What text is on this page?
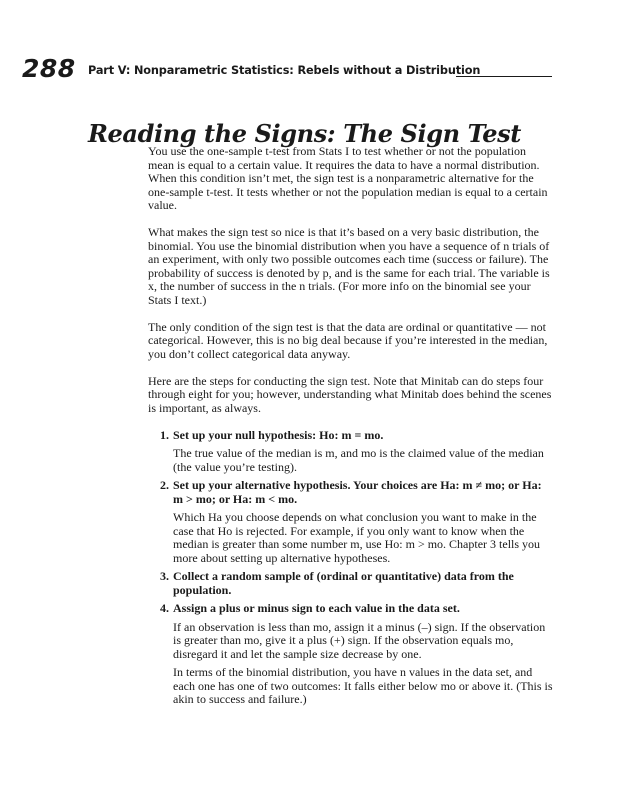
288 Part V: Nonparametric Statistics: Rebels without a Distribution
Reading the Signs: The Sign Test

You use the one-sample t-test from Stats I to test whether or not the population mean is equal to a certain value. It requires the data to have a normal distribution. When this condition isn’t met, the sign test is a nonparametric alternative for the one-sample t-test. It tests whether or not the population median is equal to a certain value.

What makes the sign test so nice is that it’s based on a very basic distribution, the binomial. You use the binomial distribution when you have a sequence of n trials of an experiment, with only two possible outcomes each time (success or failure). The probability of success is denoted by p, and is the same for each trial. The variable is x, the number of success in the n trials. (For more info on the binomial see your Stats I text.)

The only condition of the sign test is that the data are ordinal or quantitative — not categorical. However, this is no big deal because if you’re interested in the median, you don’t collect categorical data anyway.

Here are the steps for conducting the sign test. Note that Minitab can do steps four through eight for you; however, understanding what Minitab does behind the scenes is important, as always.

1. Set up your null hypothesis: Ho: m = mo.
The true value of the median is m, and mo is the claimed value of the median (the value you’re testing).
2. Set up your alternative hypothesis. Your choices are Ha: m ≠ mo; or Ha: m > mo; or Ha: m < mo.
Which Ha you choose depends on what conclusion you want to make in the case that Ho is rejected. For example, if you only want to know when the median is greater than some number m, use Ho: m > mo. Chapter 3 tells you more about setting up alternative hypotheses.
3. Collect a random sample of (ordinal or quantitative) data from the population.
4. Assign a plus or minus sign to each value in the data set.
If an observation is less than mo, assign it a minus (–) sign. If the observation is greater than mo, give it a plus (+) sign. If the observation equals mo, disregard it and let the sample size decrease by one.
In terms of the binomial distribution, you have n values in the data set, and each one has one of two outcomes: It falls either below mo or above it. (This is akin to success and failure.)
